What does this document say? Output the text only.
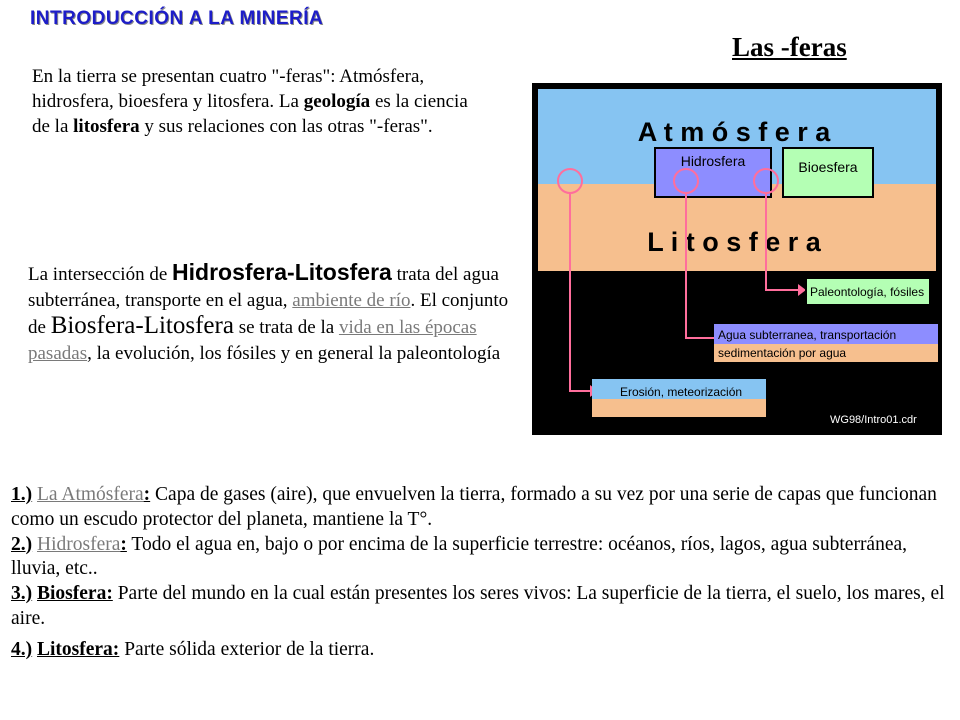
INTRODUCCIÓN A LA MINERÍA
Las -feras
En la tierra se presentan cuatro "-feras": Atmósfera, hidrosfera, bioesfera y litosfera. La geología es la ciencia de la litosfera y sus relaciones con las otras "-feras".
La intersección de Hidrosfera-Litosfera trata del agua subterránea, transporte en el agua, ambiente de río. El conjunto de Biosfera-Litosfera se trata de la vida en las épocas pasadas, la evolución, los fósiles y en general la paleontología

1.) La Atmósfera: Capa de gases (aire), que envuelven la tierra, formado a su vez por una serie de capas que funcionan como un escudo protector del planeta, mantiene la T°.

2.) Hidrosfera: Todo el agua en, bajo o por encima de la superficie terrestre: océanos, ríos, lagos, agua subterránea, lluvia, etc..

3.) Biosfera: Parte del mundo en la cual están presentes los seres vivos: La superficie de la tierra, el suelo, los mares, el aire.

4.) Litosfera: Parte sólida exterior de la tierra.

A t m ó s f e r a
Hidrosfera	Bioesfera
L i t o s f e r a
Paleontología, fósiles
Agua subterranea, transportación
sedimentación por agua
Erosión, meteorización
WG98/Intro01.cdr
